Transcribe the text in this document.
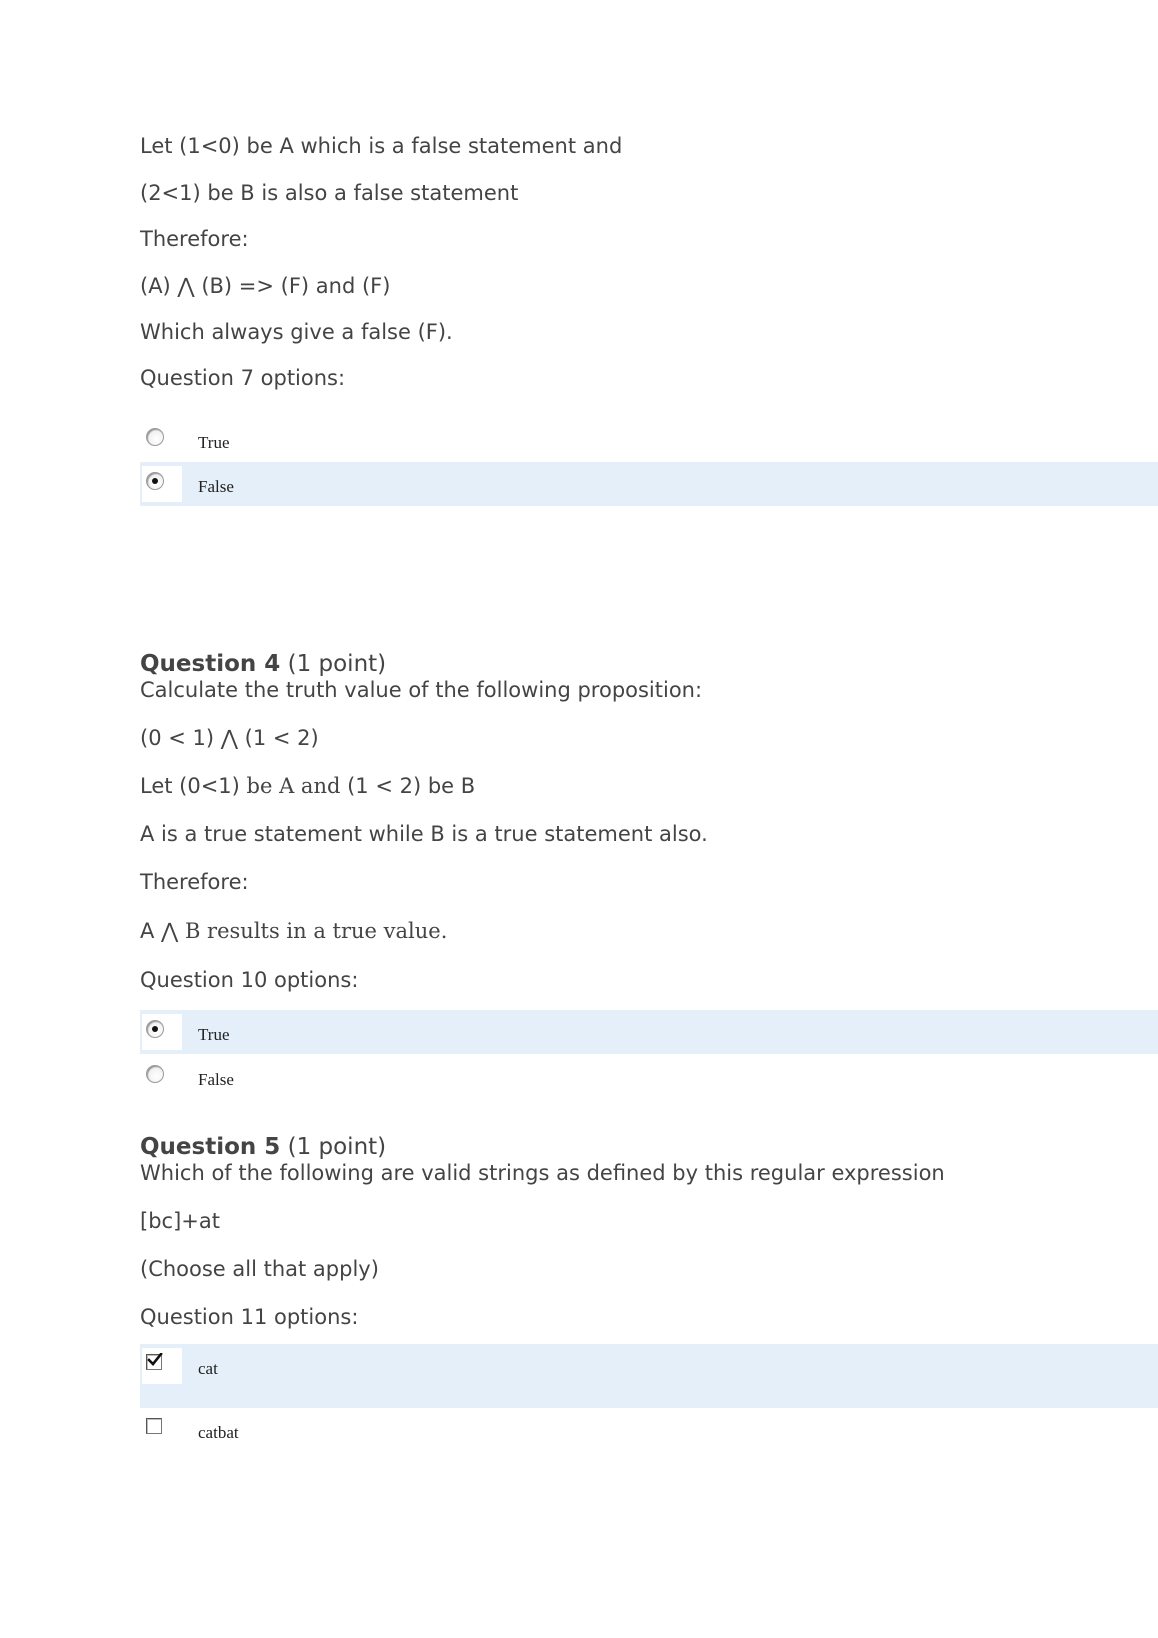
Let (1<0) be A which is a false statement and

(2<1) be B is also a false statement

Therefore:

(A) ⋀ (B) => (F) and (F)

Which always give a false (F).

Question 7 options:

True
False

Question 4 (1 point)

Calculate the truth value of the following proposition:

(0 < 1) ⋀ (1 < 2)

Let (0<1) be A and (1 < 2) be B

A is a true statement while B is a true statement also.

Therefore:

A ⋀ B results in a true value.

Question 10 options:

True
False

Question 5 (1 point)

Which of the following are valid strings as defined by this regular expression

[bc]+at

(Choose all that apply)

Question 11 options:

cat
catbat
